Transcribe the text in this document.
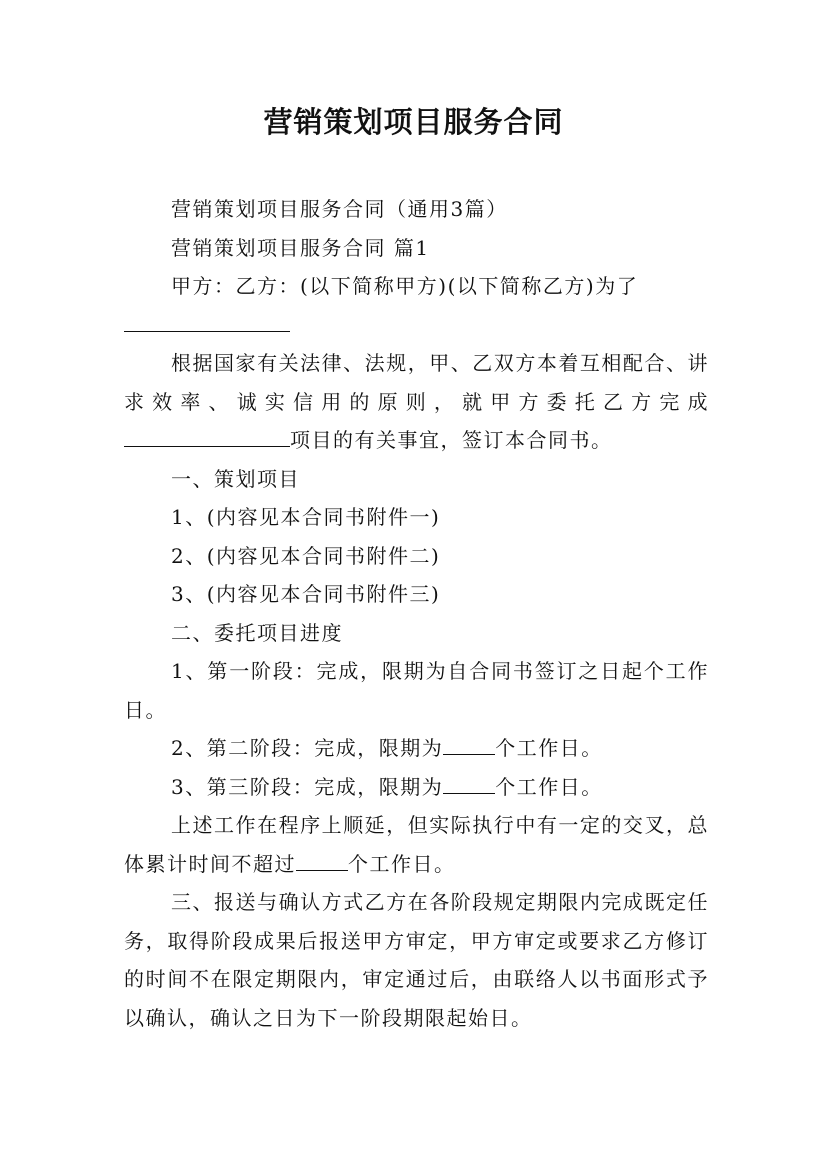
营销策划项目服务合同

营销策划项目服务合同（通用3篇）

营销策划项目服务合同 篇1

甲方：乙方：(以下简称甲方)(以下简称乙方)为了

根据国家有关法律、法规，甲、乙双方本着互相配合、讲求效率、诚实信用的原则，就甲方委托乙方完成项目的有关事宜，签订本合同书。

一、策划项目

1、(内容见本合同书附件一)

2、(内容见本合同书附件二)

3、(内容见本合同书附件三)

二、委托项目进度

1、第一阶段：完成，限期为自合同书签订之日起个工作日。

2、第二阶段：完成，限期为	个工作日。

3、第三阶段：完成，限期为	个工作日。

上述工作在程序上顺延，但实际执行中有一定的交叉，总体累计时间不超过	个工作日。

三、报送与确认方式乙方在各阶段规定期限内完成既定任务，取得阶段成果后报送甲方审定，甲方审定或要求乙方修订的时间不在限定期限内，审定通过后，由联络人以书面形式予以确认，确认之日为下一阶段期限起始日。
